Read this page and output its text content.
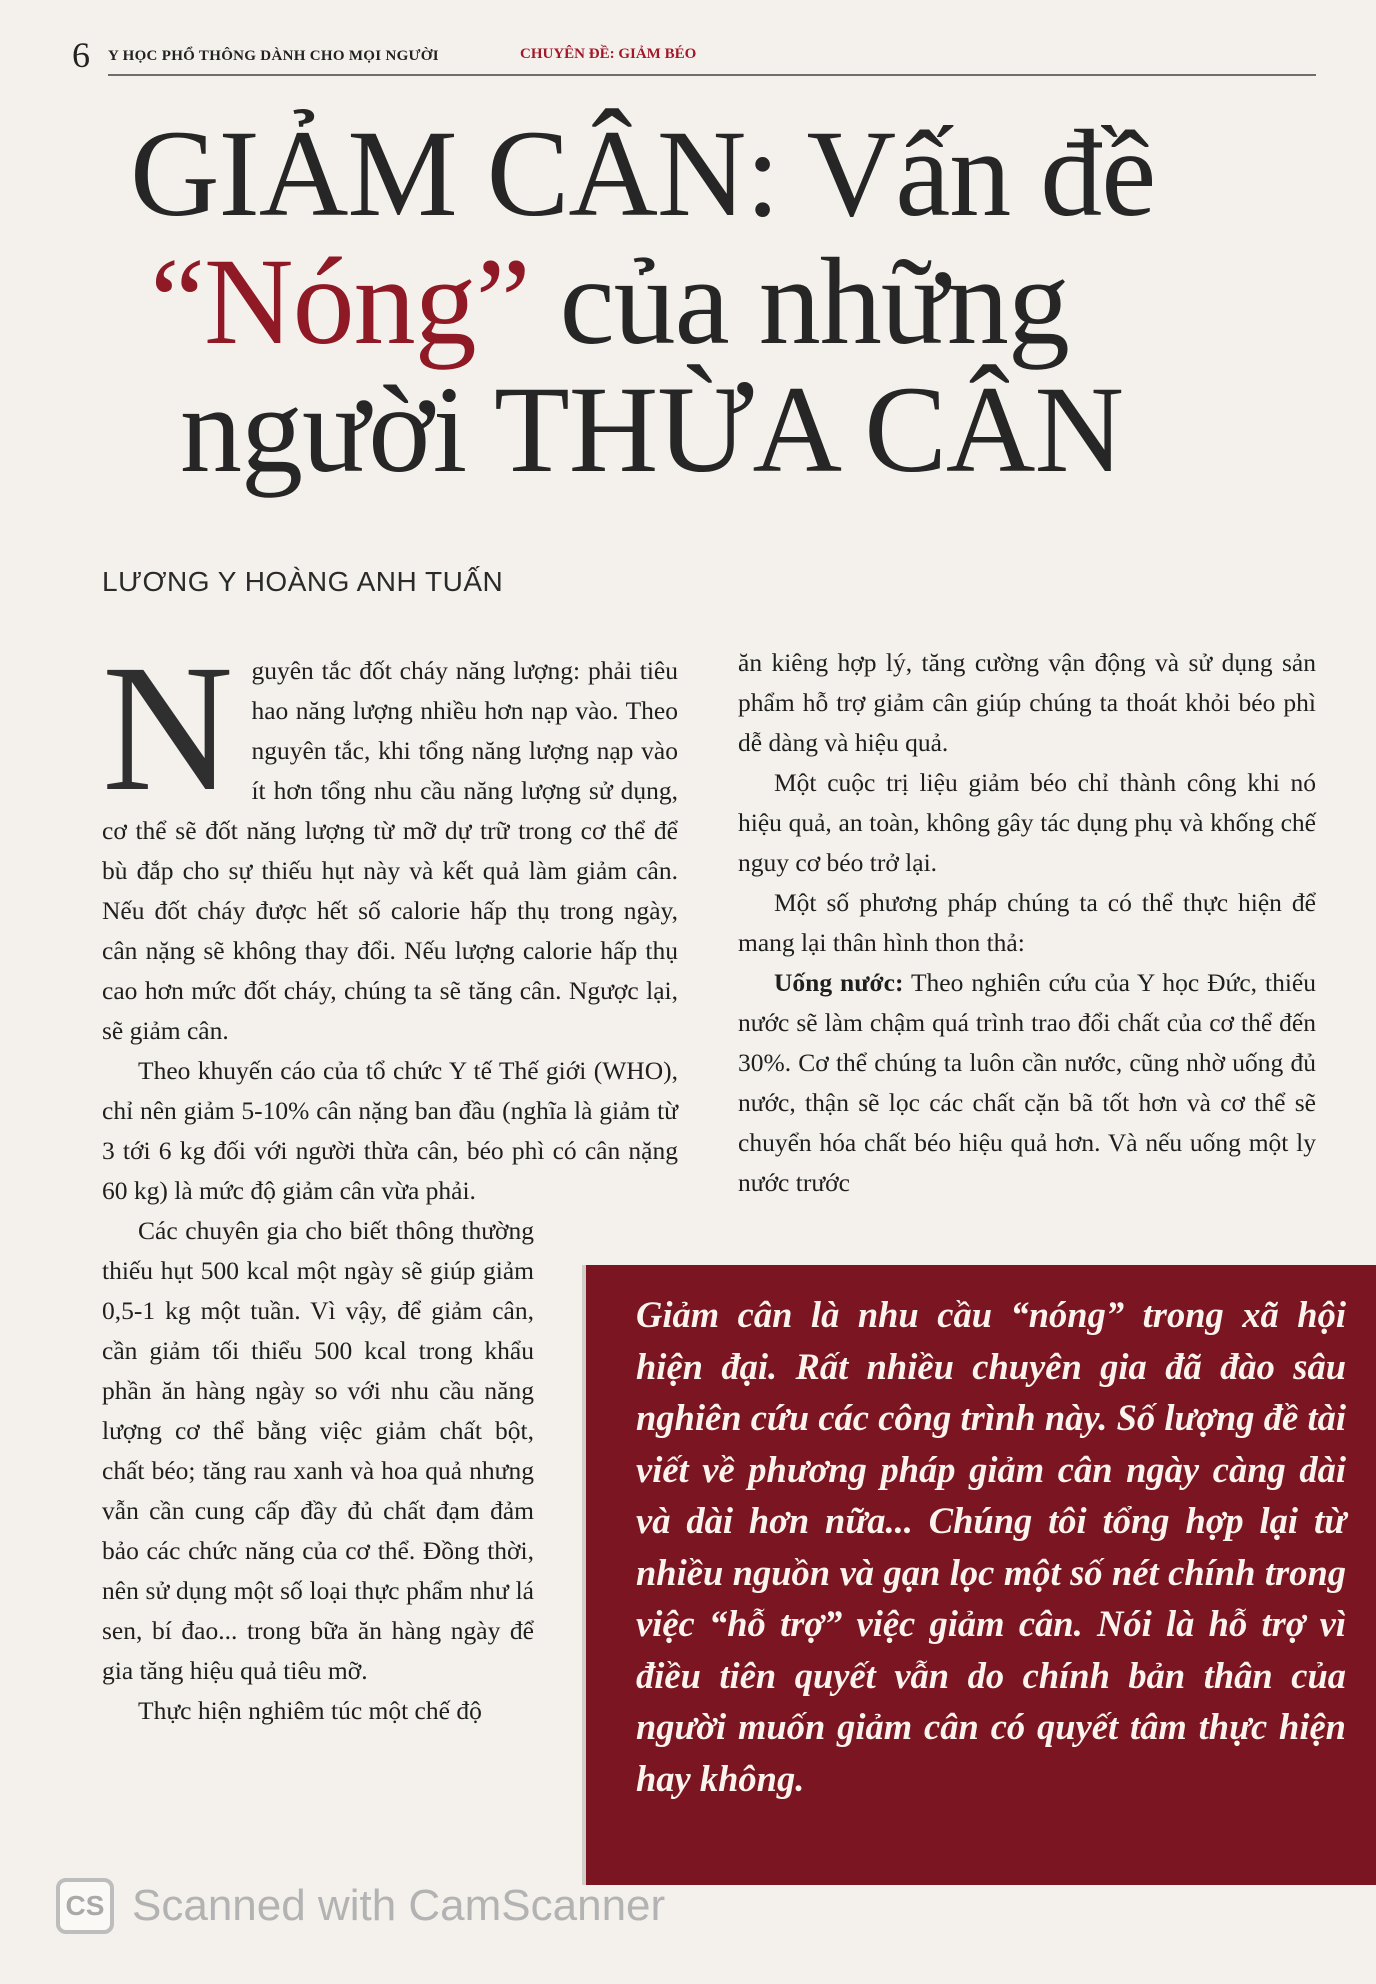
6 Y HỌC PHỔ THÔNG DÀNH CHO MỌI NGƯỜI	CHUYÊN ĐỀ: GIẢM BÉO
GIẢM CÂN: Vấn đề
“Nóng” của những
người THỪA CÂN
LƯƠNG Y HOÀNG ANH TUẤN

Nguyên tắc đốt cháy năng lượng: phải tiêu hao năng lượng nhiều hơn nạp vào. Theo nguyên tắc, khi tổng năng lượng nạp vào ít hơn tổng nhu cầu năng lượng sử dụng, cơ thể sẽ đốt năng lượng từ mỡ dự trữ trong cơ thể để bù đắp cho sự thiếu hụt này và kết quả làm giảm cân. Nếu đốt cháy được hết số calorie hấp thụ trong ngày, cân nặng sẽ không thay đổi. Nếu lượng calorie hấp thụ cao hơn mức đốt cháy, chúng ta sẽ tăng cân. Ngược lại, sẽ giảm cân.

Theo khuyến cáo của tổ chức Y tế Thế giới (WHO), chỉ nên giảm 5-10% cân nặng ban đầu (nghĩa là giảm từ 3 tới 6 kg đối với người thừa cân, béo phì có cân nặng 60 kg) là mức độ giảm cân vừa phải.

Các chuyên gia cho biết thông thường thiếu hụt 500 kcal một ngày sẽ giúp giảm 0,5-1 kg một tuần. Vì vậy, để giảm cân, cần giảm tối thiểu 500 kcal trong khẩu phần ăn hàng ngày so với nhu cầu năng lượng cơ thể bằng việc giảm chất bột, chất béo; tăng rau xanh và hoa quả nhưng vẫn cần cung cấp đầy đủ chất đạm đảm bảo các chức năng của cơ thể. Đồng thời, nên sử dụng một số loại thực phẩm như lá sen, bí đao... trong bữa ăn hàng ngày để gia tăng hiệu quả tiêu mỡ.

Thực hiện nghiêm túc một chế độ

ăn kiêng hợp lý, tăng cường vận động và sử dụng sản phẩm hỗ trợ giảm cân giúp chúng ta thoát khỏi béo phì dễ dàng và hiệu quả.

Một cuộc trị liệu giảm béo chỉ thành công khi nó hiệu quả, an toàn, không gây tác dụng phụ và khống chế nguy cơ béo trở lại.

Một số phương pháp chúng ta có thể thực hiện để mang lại thân hình thon thả:

Uống nước: Theo nghiên cứu của Y học Đức, thiếu nước sẽ làm chậm quá trình trao đổi chất của cơ thể đến 30%. Cơ thể chúng ta luôn cần nước, cũng nhờ uống đủ nước, thận sẽ lọc các chất cặn bã tốt hơn và cơ thể sẽ chuyển hóa chất béo hiệu quả hơn. Và nếu uống một ly nước trước

Giảm cân là nhu cầu “nóng” trong xã hội hiện đại. Rất nhiều chuyên gia đã đào sâu nghiên cứu các công trình này. Số lượng đề tài viết về phương pháp giảm cân ngày càng dài và dài hơn nữa... Chúng tôi tổng hợp lại từ nhiều nguồn và gạn lọc một số nét chính trong việc “hỗ trợ” việc giảm cân. Nói là hỗ trợ vì điều tiên quyết vẫn do chính bản thân của người muốn giảm cân có quyết tâm thực hiện hay không.

CS Scanned with CamScanner
